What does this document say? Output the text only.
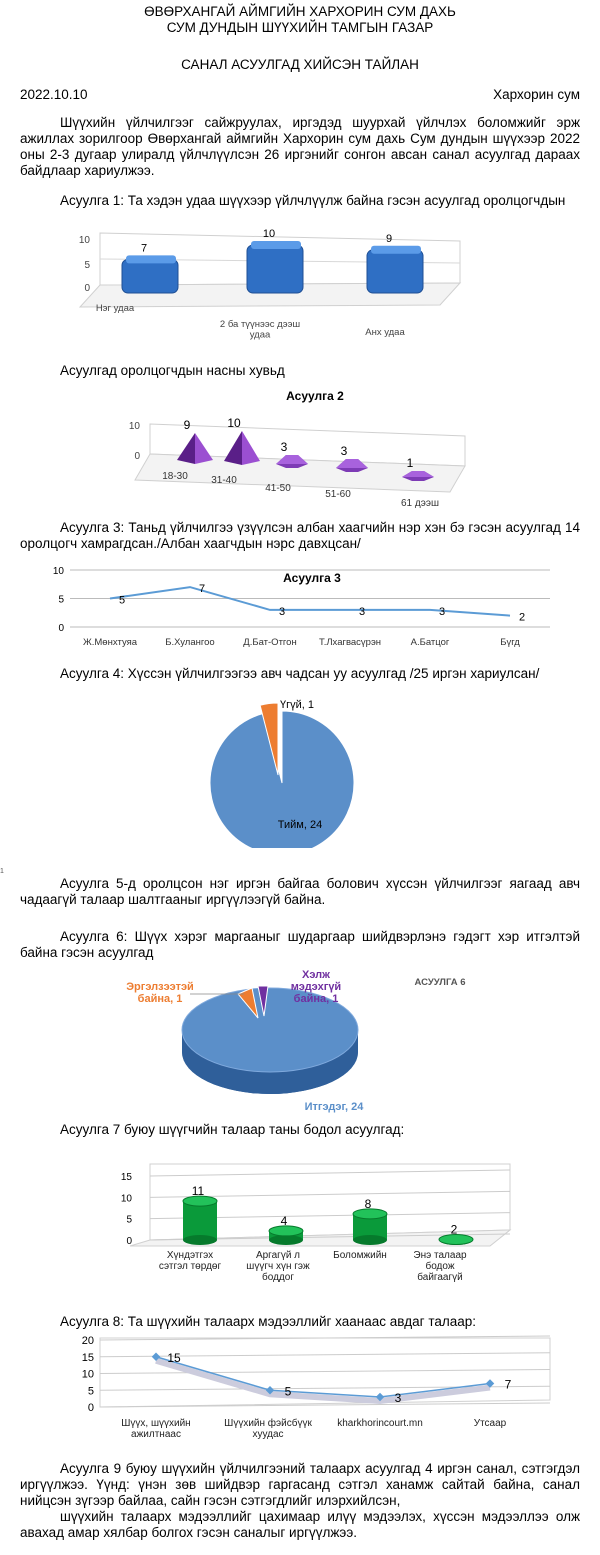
ӨВӨРХАНГАЙ АЙМГИЙН ХАРХОРИН СУМ ДАХЬ
СУМ ДУНДЫН ШҮҮХИЙН ТАМГЫН ГАЗАР
САНАЛ АСУУЛГАД ХИЙСЭН ТАЙЛАН
2022.10.10	Хархорин сум
Шүүхийн үйлчилгээг сайжруулах, иргэдэд шуурхай үйлчлэх боломжийг эрж ажиллах зорилгоор Өвөрхангай аймгийн Хархорин сум дахь Сум дундын шүүхээр 2022 оны 2-3 дугаар улиралд үйлчлүүлсэн 26 иргэнийг сонгон авсан санал асуулгад дараах байдлаар хариулжээ.
Асуулга 1: Та хэдэн удаа шүүхээр үйлчлүүлж байна гэсэн асуулгад оролцогчдын
10
5
0
7
10	9
Нэг удаа
2 ба түүнээс дээш удаа	Анх удаа
Асуулгад оролцогчдын насны хувьд
Асуулга 2
10
0
9	10
3	3
1
18-30 31-40
41-50
51-60
61 дээш
Асуулга 3: Таньд үйлчилгээ үзүүлсэн албан хаагчийн нэр хэн бэ гэсэн асуулгад 14 оролцогч хамрагдсан./Албан хаагчдын нэрс давхцсан/
Асуулга 3
0
5
10
5
7
3	3	3	2
Ж.Мөнхтуяа	Б.Хулангоо	Д.Бат-Отгон Т.Лхагвасүрэн	А.Батцог	Бүгд
Асуулга 4: Хүссэн үйлчилгээгээ авч чадсан уу асуулгад /25 иргэн хариулсан/
Тийм, 24
Үгүй, 1
1
Асуулга 5-д оролцсон нэг иргэн байгаа болович хүссэн үйлчилгээг яагаад авч чадаагүй талаар шалтгааныг иргүүлээгүй байна.
Асуулга 6: Шүүх хэрэг маргааныг шударгаар шийдвэрлэнэ гэдэгт хэр итгэлтэй байна гэсэн асуулгад
АСУУЛГА 6
Итгэдэг, 24
Эргэлзээтэй байна, 1
Хэлж мэдэхгүй байна, 1
Асуулга 7 буюу шүүгчийн талаар таны бодол асуулгад:
0
5
10
15
11
4
8
2
Хүндэтгэх сэтгэл төрдөг
Аргагүй л шүүгч хүн гэж боддог
Боломжийн	Энэ талаар бодож байгаагүй
Асуулга 8: Та шүүхийн талаарх мэдээллийг хаанаас авдаг талаар:
0
5
10
15
20
15
5	3
7
Шүүх, шүүхийн ажилтнаас
Шүүхийн фэйсбүүк хуудас
kharkhorincourt.mn	Утсаар
Асуулга 9 буюу шүүхийн үйлчилгээний талаарх асуулгад 4 иргэн санал, сэтгэгдэл иргүүлжээ. Үүнд: үнэн зөв шийдвэр гаргасанд сэтгэл ханамж сайтай байна, санал нийцсэн зүгээр байлаа, сайн гэсэн сэтгэгдлийг илэрхийлсэн,
шүүхийн талаарх мэдээллийг цахимаар илүү мэдээлэх, хүссэн мэдээллээ олж авахад амар хялбар болгох гэсэн саналыг иргүүлжээ.
